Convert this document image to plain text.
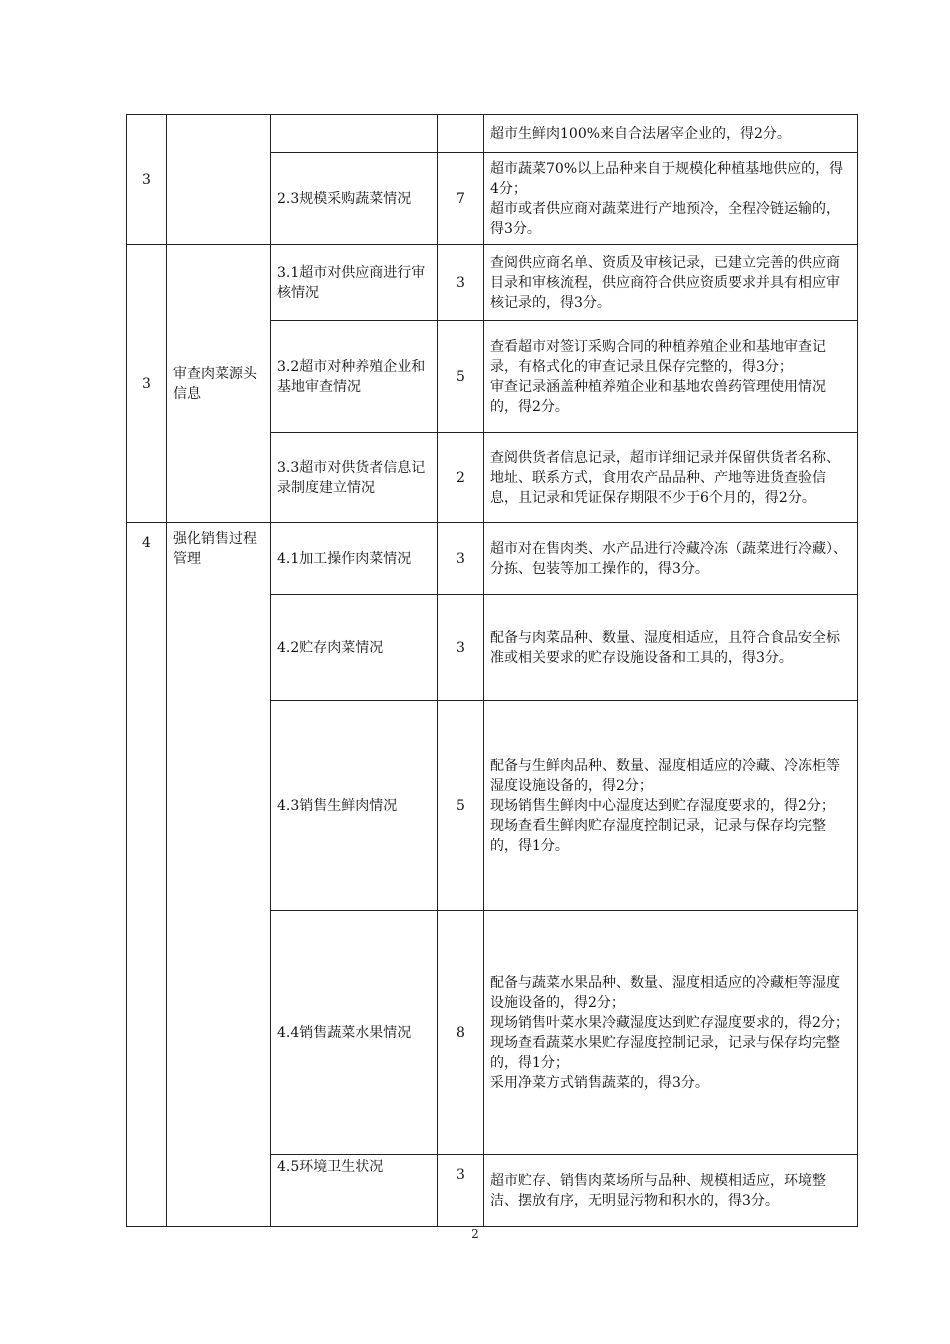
3				超市生鲜肉100%来自合法屠宰企业的，得2分。

		2.3规模采购蔬菜情况	7	超市蔬菜70%以上品种来自于规模化种植基地供应的，得4分；
超市或者供应商对蔬菜进行产地预冷，全程冷链运输的，得3分。

3	审查肉菜源头信息	3.1超市对供应商进行审核情况	3	查阅供应商名单、资质及审核记录，已建立完善的供应商目录和审核流程，供应商符合供应资质要求并具有相应审核记录的，得3分。

		3.2超市对种养殖企业和基地审查情况	5	查看超市对签订采购合同的种植养殖企业和基地审查记录，有格式化的审查记录且保存完整的，得3分；
审查记录涵盖种植养殖企业和基地农兽药管理使用情况的，得2分。

		3.3超市对供货者信息记录制度建立情况	2	查阅供货者信息记录，超市详细记录并保留供货者名称、地址、联系方式，食用农产品品种、产地等进货查验信息，且记录和凭证保存期限不少于6个月的，得2分。

4	强化销售过程管理	4.1加工操作肉菜情况	3	超市对在售肉类、水产品进行冷藏冷冻（蔬菜进行冷藏）、分拣、包装等加工操作的，得3分。

		4.2贮存肉菜情况	3	配备与肉菜品种、数量、湿度相适应，且符合食品安全标准或相关要求的贮存设施设备和工具的，得3分。

		4.3销售生鲜肉情况	5	配备与生鲜肉品种、数量、湿度相适应的冷藏、冷冻柜等湿度设施设备的，得2分；
现场销售生鲜肉中心湿度达到贮存湿度要求的，得2分；
现场查看生鲜肉贮存湿度控制记录，记录与保存均完整的，得1分。

		4.4销售蔬菜水果情况	8	配备与蔬菜水果品种、数量、湿度相适应的冷藏柜等湿度设施设备的，得2分；
现场销售叶菜水果冷藏湿度达到贮存湿度要求的，得2分；
现场查看蔬菜水果贮存湿度控制记录，记录与保存均完整的，得1分；
采用净菜方式销售蔬菜的，得3分。

		4.5环境卫生状况	3	超市贮存、销售肉菜场所与品种、规模相适应，环境整洁、摆放有序，无明显污物和积水的，得3分。
2
